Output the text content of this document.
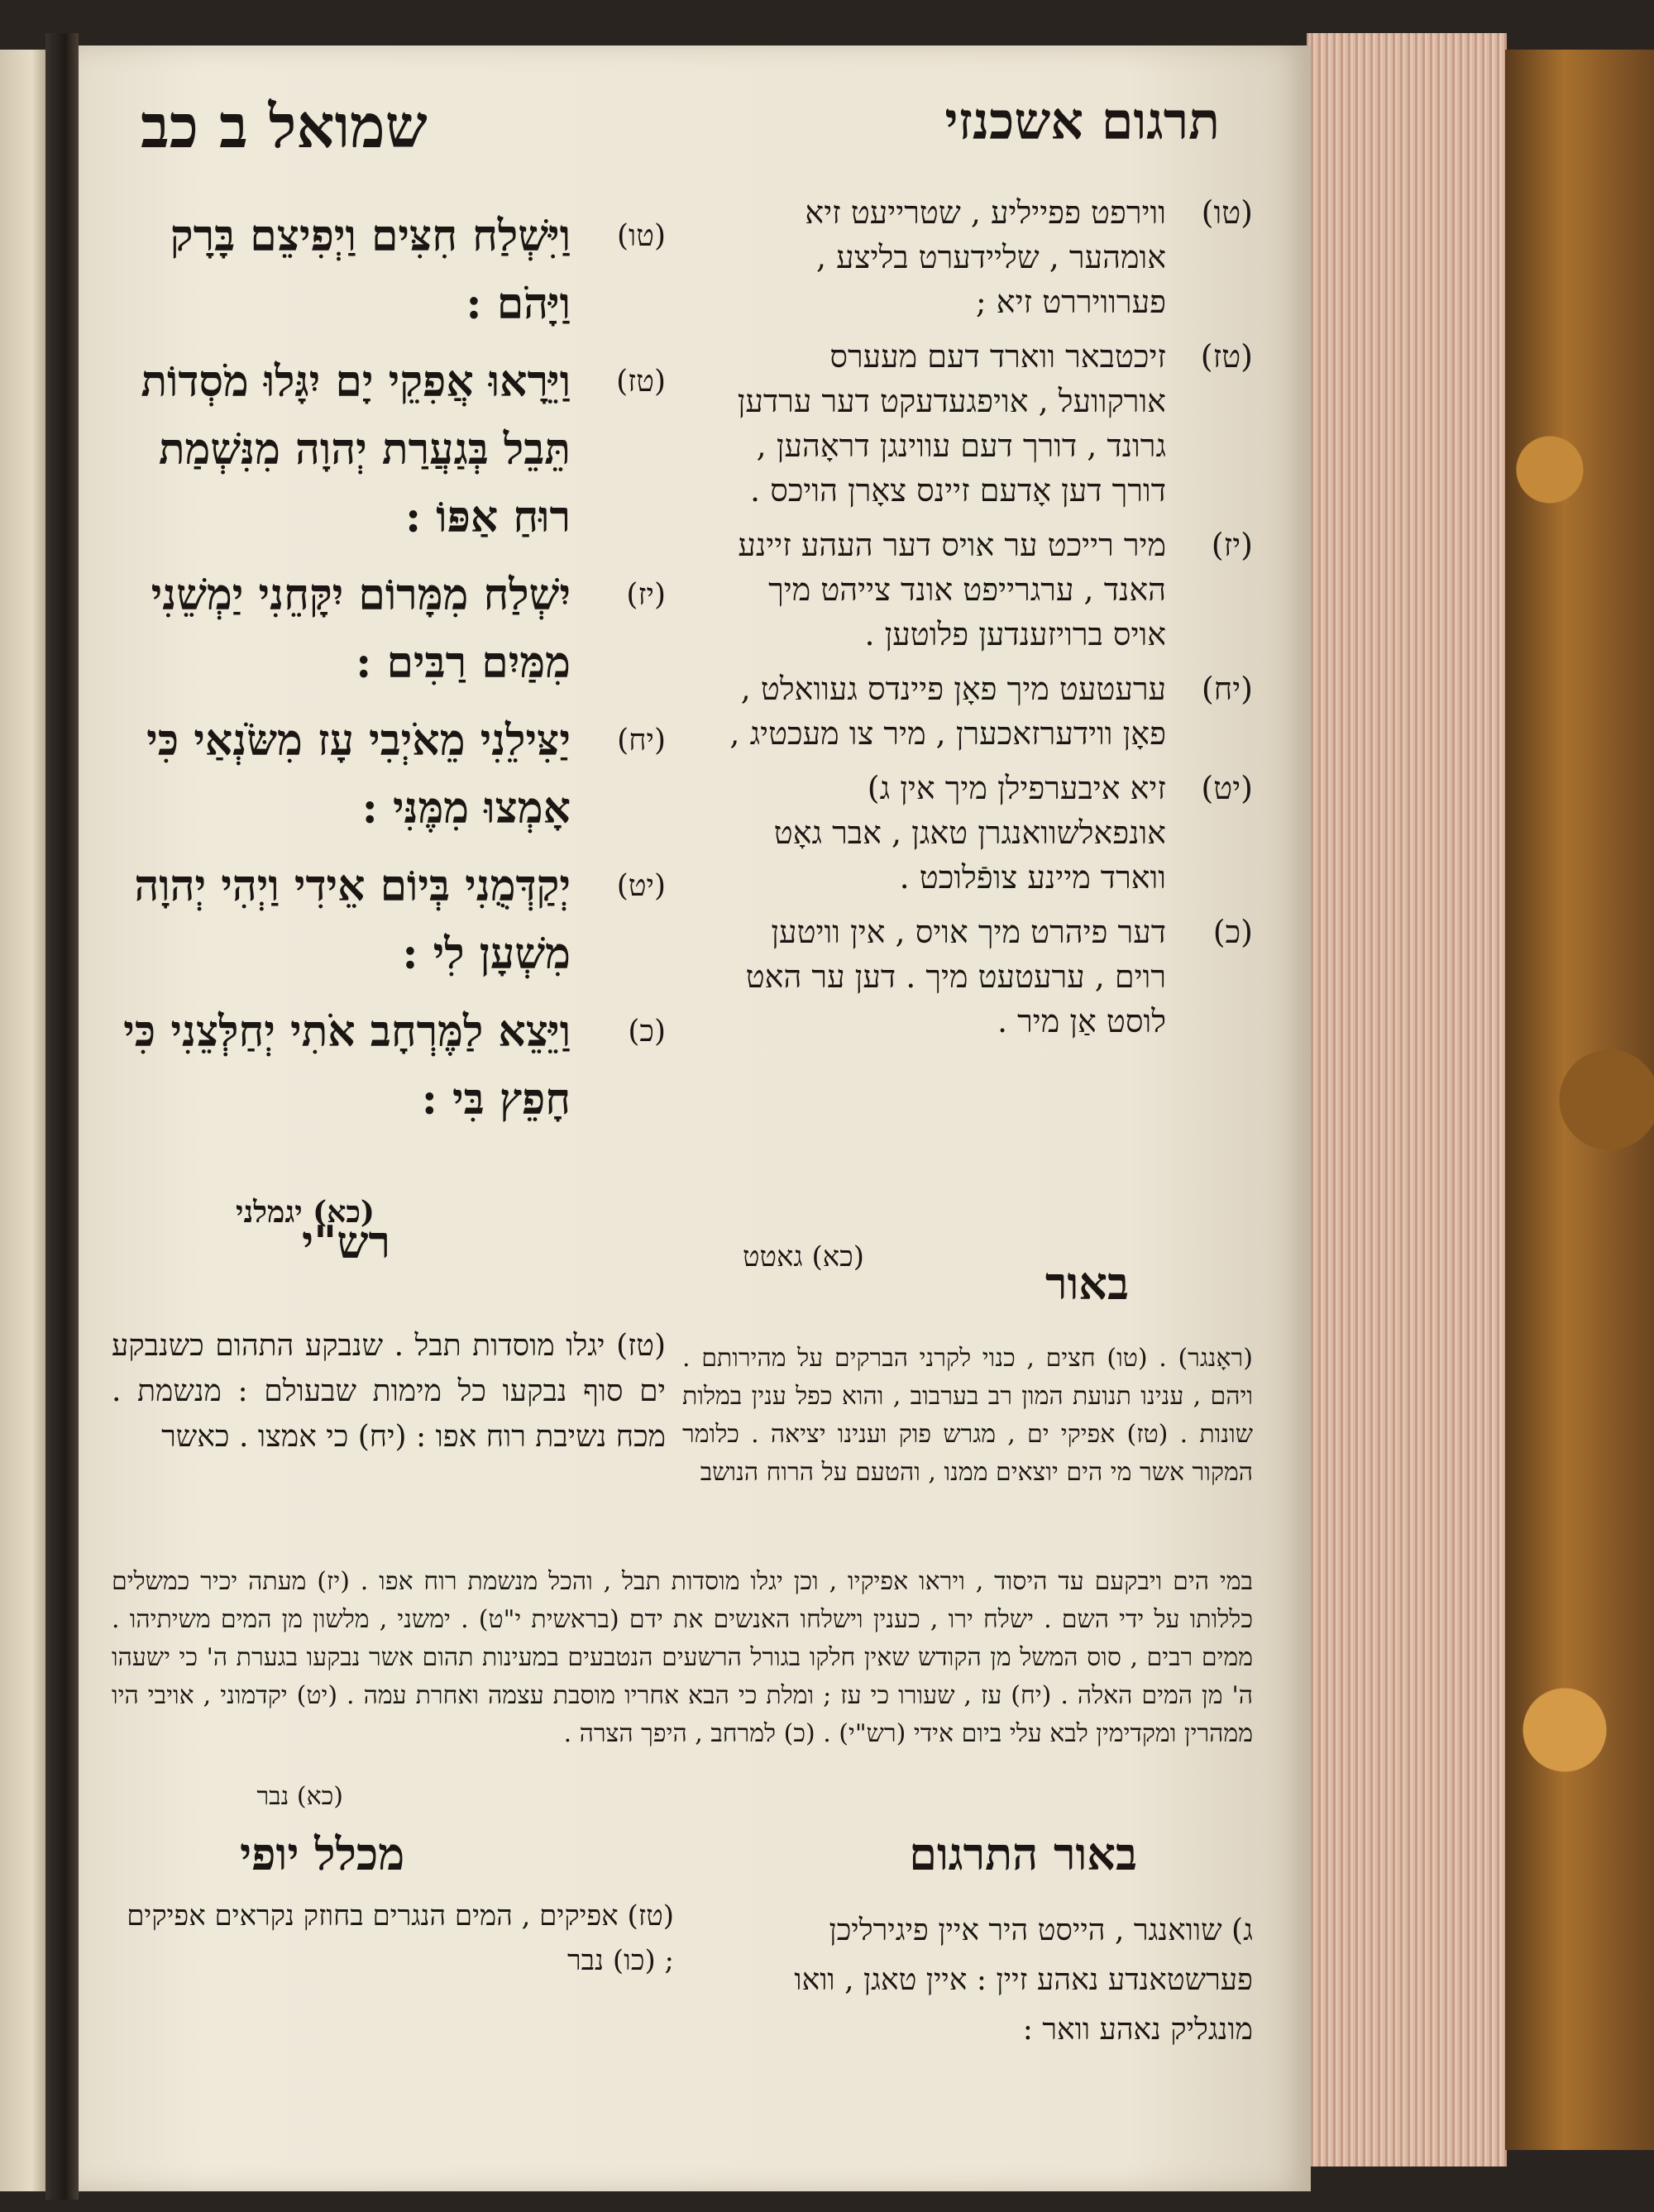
תרגום אשכנזי
שמואל ב כב
(טו)
ווירפט פפייליע , שטרייעט זיא אומהער , שליידערט בליצע , פערוויררט זיא ;
(טז)
זיכטבאר ווארד דעם מעערס אורקוועל , אויפגעדעקט דער ערדען גרונד , דורך דעם עווינגן דראָהען , דורך דען אָדעם זיינס צאָרן הויכס .
(יז)
מיר רייכט ער אויס דער העהע זיינע האנד , ערגרייפט אונד צייהט מיך אויס ברויזענדען פלוטען .
(יח)
ערעטעט מיך פאָן פיינדס געוואלט , פאָן ווידערזאכערן , מיר צו מעכטיג ,
(יט)
זיא איבערפילן מיך אין ג) אונפאלשוואנגרן טאגן , אבר גאָט ווארד מיינע צופֿלוכט .
(כ)
דער פיהרט מיך אויס , אין וויטען רוים , ערעטעט מיך . דען ער האט לוסט אַן מיר .
(כא) גאטט
(טו)
וַיִּשְׁלַח חִצִּים וַיְפִיצֵם בָּרָק וַיָּהֹם :
(טז)
וַיֵּרָאוּ אֲפִקֵי יָם יִגָּלוּ מֹסְדוֹת תֵּבֵל בְּגַעֲרַת יְהוָה מִנִּשְׁמַת רוּחַ אַפּוֹ :
(יז)
יִשְׁלַח מִמָּרוֹם יִקָּחֵנִי יַמְשֵׁנִי מִמַּיִם רַבִּים :
(יח)
יַצִּילֵנִי מֵאֹיְבִי עָז מִשֹּׂנְאַי כִּי אָמְצוּ מִמֶּנִּי :
(יט)
יְקַדְּמֻנִי בְּיוֹם אֵידִי וַיְהִי יְהוָה מִשְׁעָן לִי :
(כ)
וַיֵּצֵא לַמֶּרְחָב אֹתִי יְחַלְּצֵנִי כִּי חָפֵץ בִּי :
(כא) יגמלני
באור
רש"י
(ראָנגר) . (טו) חצים , כנוי לקרני הברקים על מהירותם . ויהם , ענינו תנועת המון רב בערבוב , והוא כפל ענין במלות שונות . (טז) אפיקי ים , מגרש פוק וענינו יציאה . כלומר המקור אשר מי הים יוצאים ממנו , והטעם על הרוח הנושב
(טז) יגלו מוסדות תבל . שנבקע התהום כשנבקע ים סוף נבקעו כל מימות שבעולם : מנשמת . מכח נשיבת רוח אפו : (יח) כי אמצו . כאשר
במי הים ויבקעם עד היסוד , ויראו אפיקיו , וכן יגלו מוסדות תבל , והכל מנשמת רוח אפו . (יז) מעתה יכיר כמשלים כללותו על ידי השם . ישלח ירו , כענין וישלחו האנשים את ידם (בראשית י"ט) . ימשני , מלשון מן המים משיתיהו . ממים רבים , סוס המשל מן הקודש שאין חלקו בגורל הרשעים הנטבעים במעינות תהום אשר נבקעו בגערת ה' כי ישעהו ה' מן המים האלה . (יח) עז , שעורו כי עז ; ומלת כי הבא אחריו מוסבת עצמה ואחרת עמה . (יט) יקדמוני , אויבי היו ממהרין ומקדימין לבא עלי ביום אידי (רש"י) . (כ) למרחב , היפך הצרה .
(כא) נבר
באור התרגום
מכלל יופי
ג) שוואנגר , הייסט היר איין פיגירליכן פערשטאנדע נאהע זיין : איין טאגן , וואו מונגליק נאהע וואר :
(טז) אפיקים , המים הנגרים בחוזק נקראים אפיקים ; (כו) נבר
